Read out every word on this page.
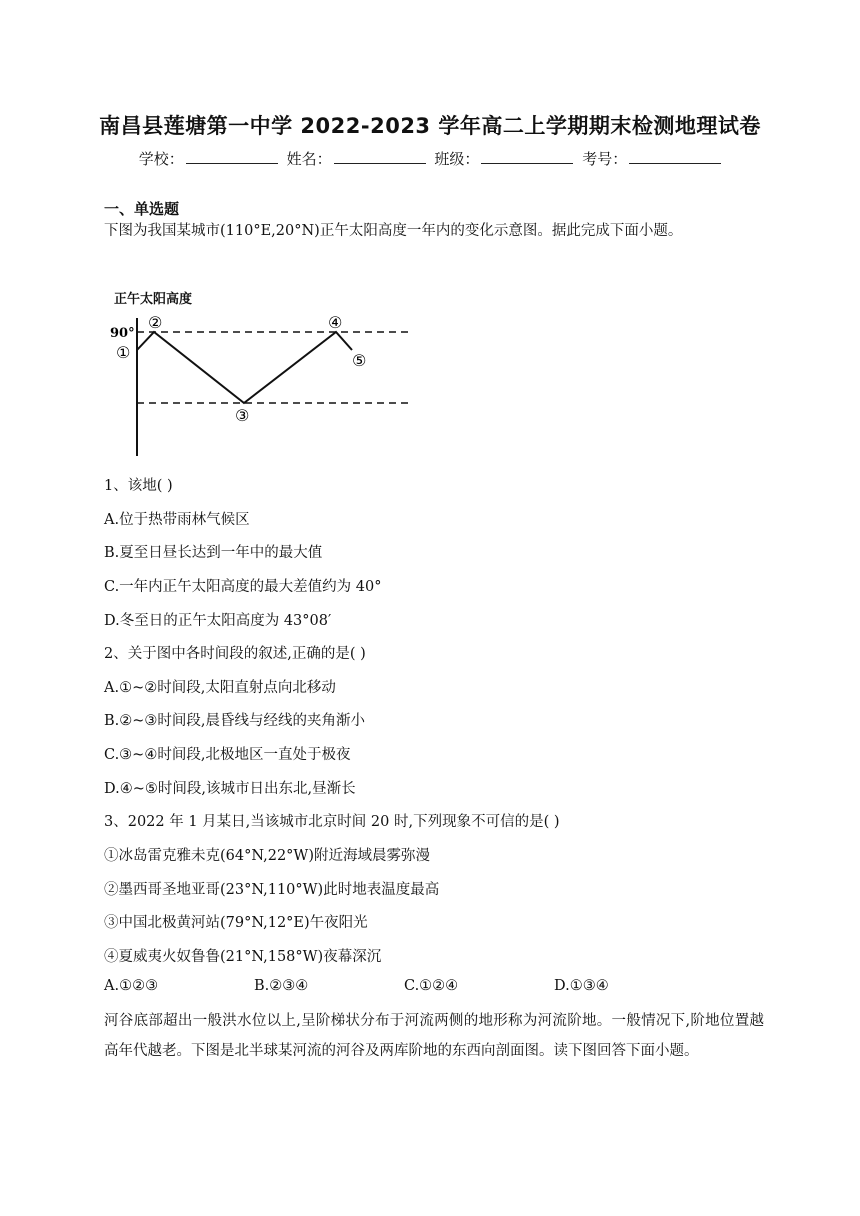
南昌县莲塘第一中学 2022-2023 学年高二上学期期末检测地理试卷
学校：	姓名：	班级：	考号：
一、单选题
下图为我国某城市(110°E,20°N)正午太阳高度一年内的变化示意图。据此完成下面小题。
正午太阳高度
90°
①
②
③
④
⑤
1、该地( )
A.位于热带雨林气候区
B.夏至日昼长达到一年中的最大值
C.一年内正午太阳高度的最大差值约为 40°
D.冬至日的正午太阳高度为 43°08′
2、关于图中各时间段的叙述,正确的是( )
A.①~②时间段,太阳直射点向北移动
B.②~③时间段,晨昏线与经线的夹角渐小
C.③~④时间段,北极地区一直处于极夜
D.④~⑤时间段,该城市日出东北,昼渐长
3、2022 年 1 月某日,当该城市北京时间 20 时,下列现象不可信的是( )
①冰岛雷克雅未克(64°N,22°W)附近海域晨雾弥漫
②墨西哥圣地亚哥(23°N,110°W)此时地表温度最高
③中国北极黄河站(79°N,12°E)午夜阳光
④夏威夷火奴鲁鲁(21°N,158°W)夜幕深沉
A.①②③	B.②③④	C.①②④	D.①③④
河谷底部超出一般洪水位以上,呈阶梯状分布于河流两侧的地形称为河流阶地。一般情况下,阶地位置越高年代越老。下图是北半球某河流的河谷及两库阶地的东西向剖面图。读下图回答下面小题。
